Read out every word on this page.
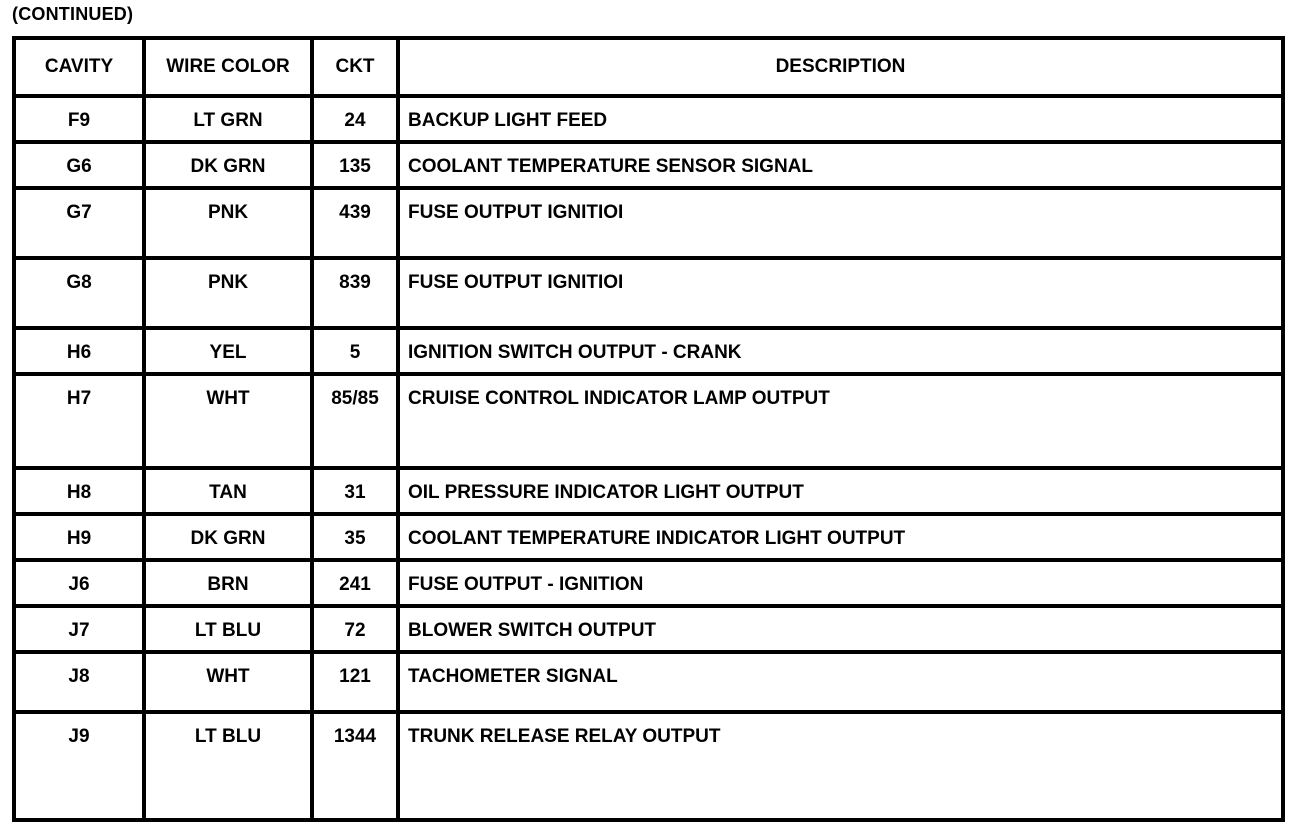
(CONTINUED)
CAVITY	WIRE COLOR	CKT	DESCRIPTION
F9	LT GRN	24	BACKUP LIGHT FEED
G6	DK GRN	135	COOLANT TEMPERATURE SENSOR SIGNAL
G7	PNK	439	FUSE OUTPUT IGNITIOI
G8	PNK	839	FUSE OUTPUT IGNITIOI
H6	YEL	5	IGNITION SWITCH OUTPUT - CRANK
H7	WHT	85/85	CRUISE CONTROL INDICATOR LAMP OUTPUT
H8	TAN	31	OIL PRESSURE INDICATOR LIGHT OUTPUT
H9	DK GRN	35	COOLANT TEMPERATURE INDICATOR LIGHT OUTPUT
J6	BRN	241	FUSE OUTPUT - IGNITION
J7	LT BLU	72	BLOWER SWITCH OUTPUT
J8	WHT	121	TACHOMETER SIGNAL
J9	LT BLU	1344	TRUNK RELEASE RELAY OUTPUT
